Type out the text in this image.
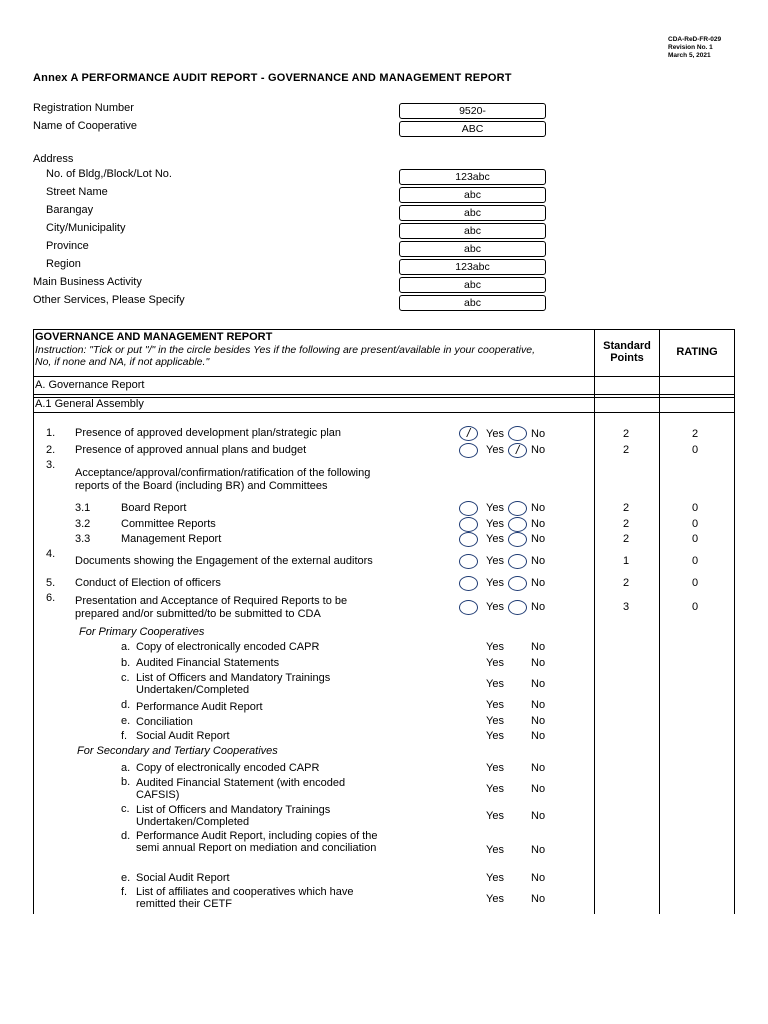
CDA-ReD-FR-029
Revision No. 1
March 5, 2021
Annex A PERFORMANCE AUDIT REPORT - GOVERNANCE AND MANAGEMENT REPORT
Registration Number	9520-
Name of Cooperative	ABC
Address
No. of Bldg,/Block/Lot No.	123abc
Street Name	abc
Barangay	abc
City/Municipality	abc
Province	abc
Region	123abc
Main Business Activity	abc
Other Services, Please Specify	abc
GOVERNANCE AND MANAGEMENT REPORT
Instruction: "Tick or put "/" in the circle besides Yes if the following are present/available in your cooperative,
No, if none and NA, if not applicable."
Standard
Points	RATING
A. Governance Report
A.1 General Assembly
1. Presence of approved development plan/strategic plan	/	Yes No	2	2
2. Presence of approved annual plans and budget	Yes /	No	2	0
3.
Acceptance/approval/confirmation/ratification of the following
reports of the Board (including BR) and Committees
3.1	Board Report	Yes No	2	0
3.2	Committee Reports	Yes No	2	0
3.3	Management Report	Yes No	2	0
4.
Documents showing the Engagement of the external auditors	Yes No	1	0
5. Conduct of Election of officers	Yes No	2	0
6. Presentation and Acceptance of Required Reports to be
prepared and/or submitted/to be submitted to CDA
Yes No	3	0
For Primary Cooperatives
a. Copy of electronically encoded CAPR	Yes No
b. Audited Financial Statements	Yes No
c. List of Officers and Mandatory Trainings
Undertaken/Completed	Yes No
d. Performance Audit Report	Yes No
e. Conciliation	Yes No
f. Social Audit Report	Yes No
For Secondary and Tertiary Cooperatives
a. Copy of electronically encoded CAPR	Yes No
b. Audited Financial Statement (with encoded
CAFSIS)	Yes No
c. List of Officers and Mandatory Trainings
Undertaken/Completed	Yes No
d. Performance Audit Report, including copies of the
semi annual Report on mediation and conciliation	Yes No
e. Social Audit Report	Yes No
f. List of affiliates and cooperatives which have
remitted their CETF	Yes No
